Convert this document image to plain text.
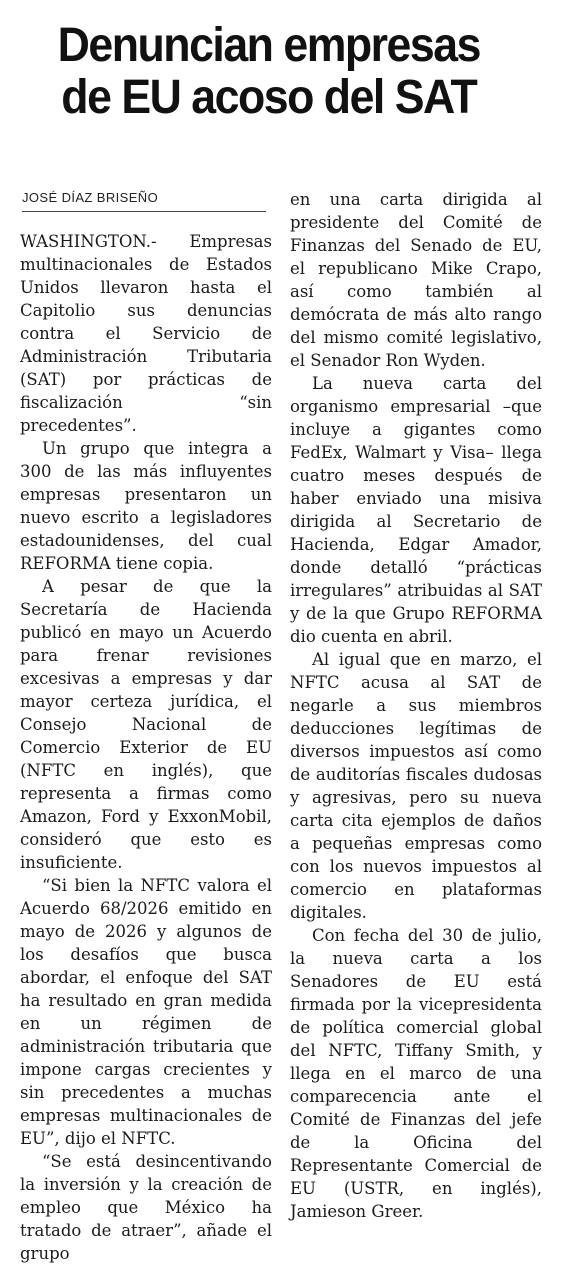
Denuncian empresas
de EU acoso del SAT
JOSÉ DÍAZ BRISEÑO

WASHINGTON.- Empresas multinacionales de Estados Unidos llevaron hasta el Capitolio sus denuncias contra el Servicio de Administración Tributaria (SAT) por prácticas de fiscalización “sin precedentes”.

Un grupo que integra a 300 de las más influyentes empresas presentaron un nuevo escrito a legisladores estadounidenses, del cual REFORMA tiene copia.

A pesar de que la Secretaría de Hacienda publicó en mayo un Acuerdo para frenar revisiones excesivas a empresas y dar mayor certeza jurídica, el Consejo Nacional de Comercio Exterior de EU (NFTC en inglés), que representa a firmas como Amazon, Ford y ExxonMobil, consideró que esto es insuficiente.

“Si bien la NFTC valora el Acuerdo 68/2026 emitido en mayo de 2026 y algunos de los desafíos que busca abordar, el enfoque del SAT ha resultado en gran medida en un régimen de administración tributaria que impone cargas crecientes y sin precedentes a muchas empresas multinacionales de EU”, dijo el NFTC.

“Se está desincentivando la inversión y la creación de empleo que México ha tratado de atraer”, añade el grupo

en una carta dirigida al presidente del Comité de Finanzas del Senado de EU, el republicano Mike Crapo, así como también al demócrata de más alto rango del mismo comité legislativo, el Senador Ron Wyden.

La nueva carta del organismo empresarial –que incluye a gigantes como FedEx, Walmart y Visa– llega cuatro meses después de haber enviado una misiva dirigida al Secretario de Hacienda, Edgar Amador, donde detalló “prácticas irregulares” atribuidas al SAT y de la que Grupo REFORMA dio cuenta en abril.

Al igual que en marzo, el NFTC acusa al SAT de negarle a sus miembros deducciones legítimas de diversos impuestos así como de auditorías fiscales dudosas y agresivas, pero su nueva carta cita ejemplos de daños a pequeñas empresas como con los nuevos impuestos al comercio en plataformas digitales.

Con fecha del 30 de julio, la nueva carta a los Senadores de EU está firmada por la vicepresidenta de política comercial global del NFTC, Tiffany Smith, y llega en el marco de una comparecencia ante el Comité de Finanzas del jefe de la Oficina del Representante Comercial de EU (USTR, en inglés), Jamieson Greer.
